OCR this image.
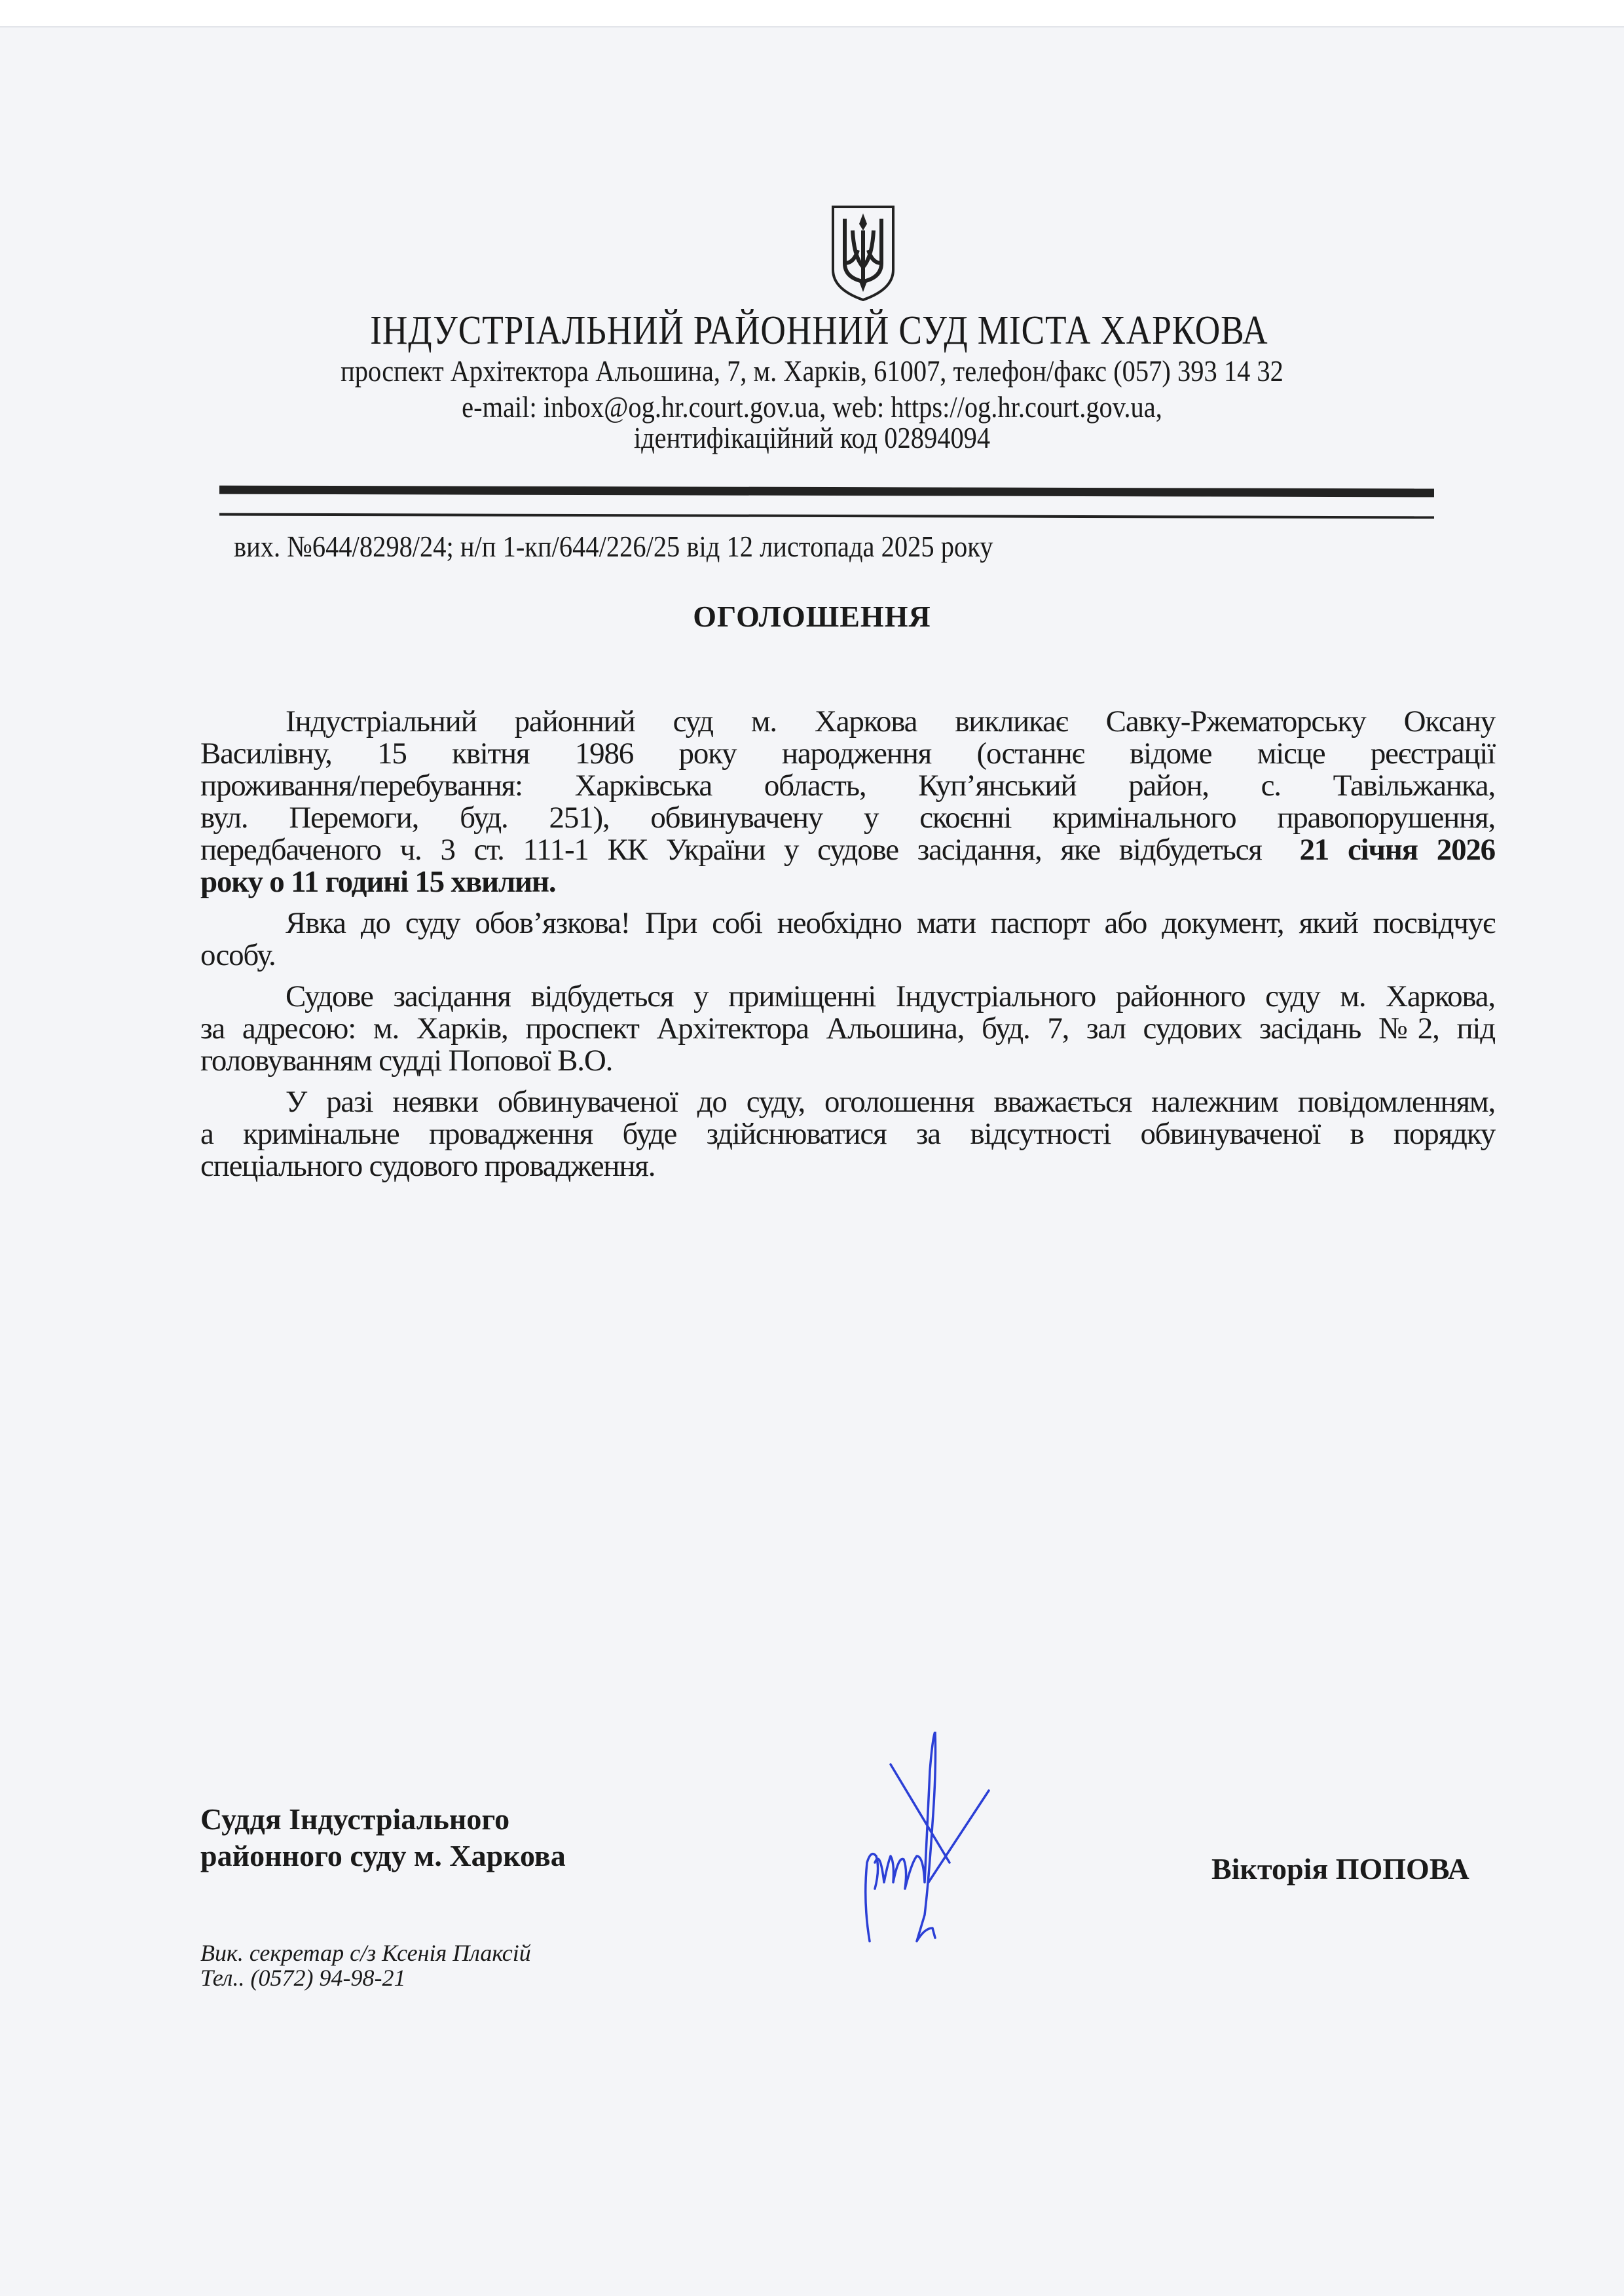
ІНДУСТРІАЛЬНИЙ РАЙОННИЙ СУД МІСТА ХАРКОВА
проспект Архітектора Альошина, 7, м. Харків, 61007, телефон/факс (057) 393 14 32
e-mail: inbox@og.hr.court.gov.ua, web: https://og.hr.court.gov.ua,
ідентифікаційний код 02894094
вих. №644/8298/24; н/п 1-кп/644/226/25 від 12 листопада 2025 року
ОГОЛОШЕННЯ
Індустріальний районний суд м. Харкова викликає Савку-Ржематорську Оксану
Василівну, 15 квітня 1986 року народження (останнє відоме місце реєстрації
проживання/перебування: Харківська область, Куп’янський район, с. Тавільжанка,
вул. Перемоги, буд. 251), обвинувачену у скоєнні кримінального правопорушення,
передбаченого ч. 3 ст. 111-1 КК України у судове засідання, яке відбудеться 21 січня 2026
року о 11 годині 15 хвилин.
Явка до суду обов’язкова! При собі необхідно мати паспорт або документ, який посвідчує
особу.
Судове засідання відбудеться у приміщенні Індустріального районного суду м. Харкова,
за адресою: м. Харків, проспект Архітектора Альошина, буд. 7, зал судових засідань №2, під
головуванням судді Попової В.О.
У разі неявки обвинуваченої до суду, оголошення вважається належним повідомленням,
а кримінальне провадження буде здійснюватися за відсутності обвинуваченої в порядку
спеціального судового провадження.
Суддя Індустріального
районного суду м. Харкова	Вікторія ПОПОВА
Вик. секретар с/з Ксенія Плаксій
Тел.. (0572) 94-98-21
